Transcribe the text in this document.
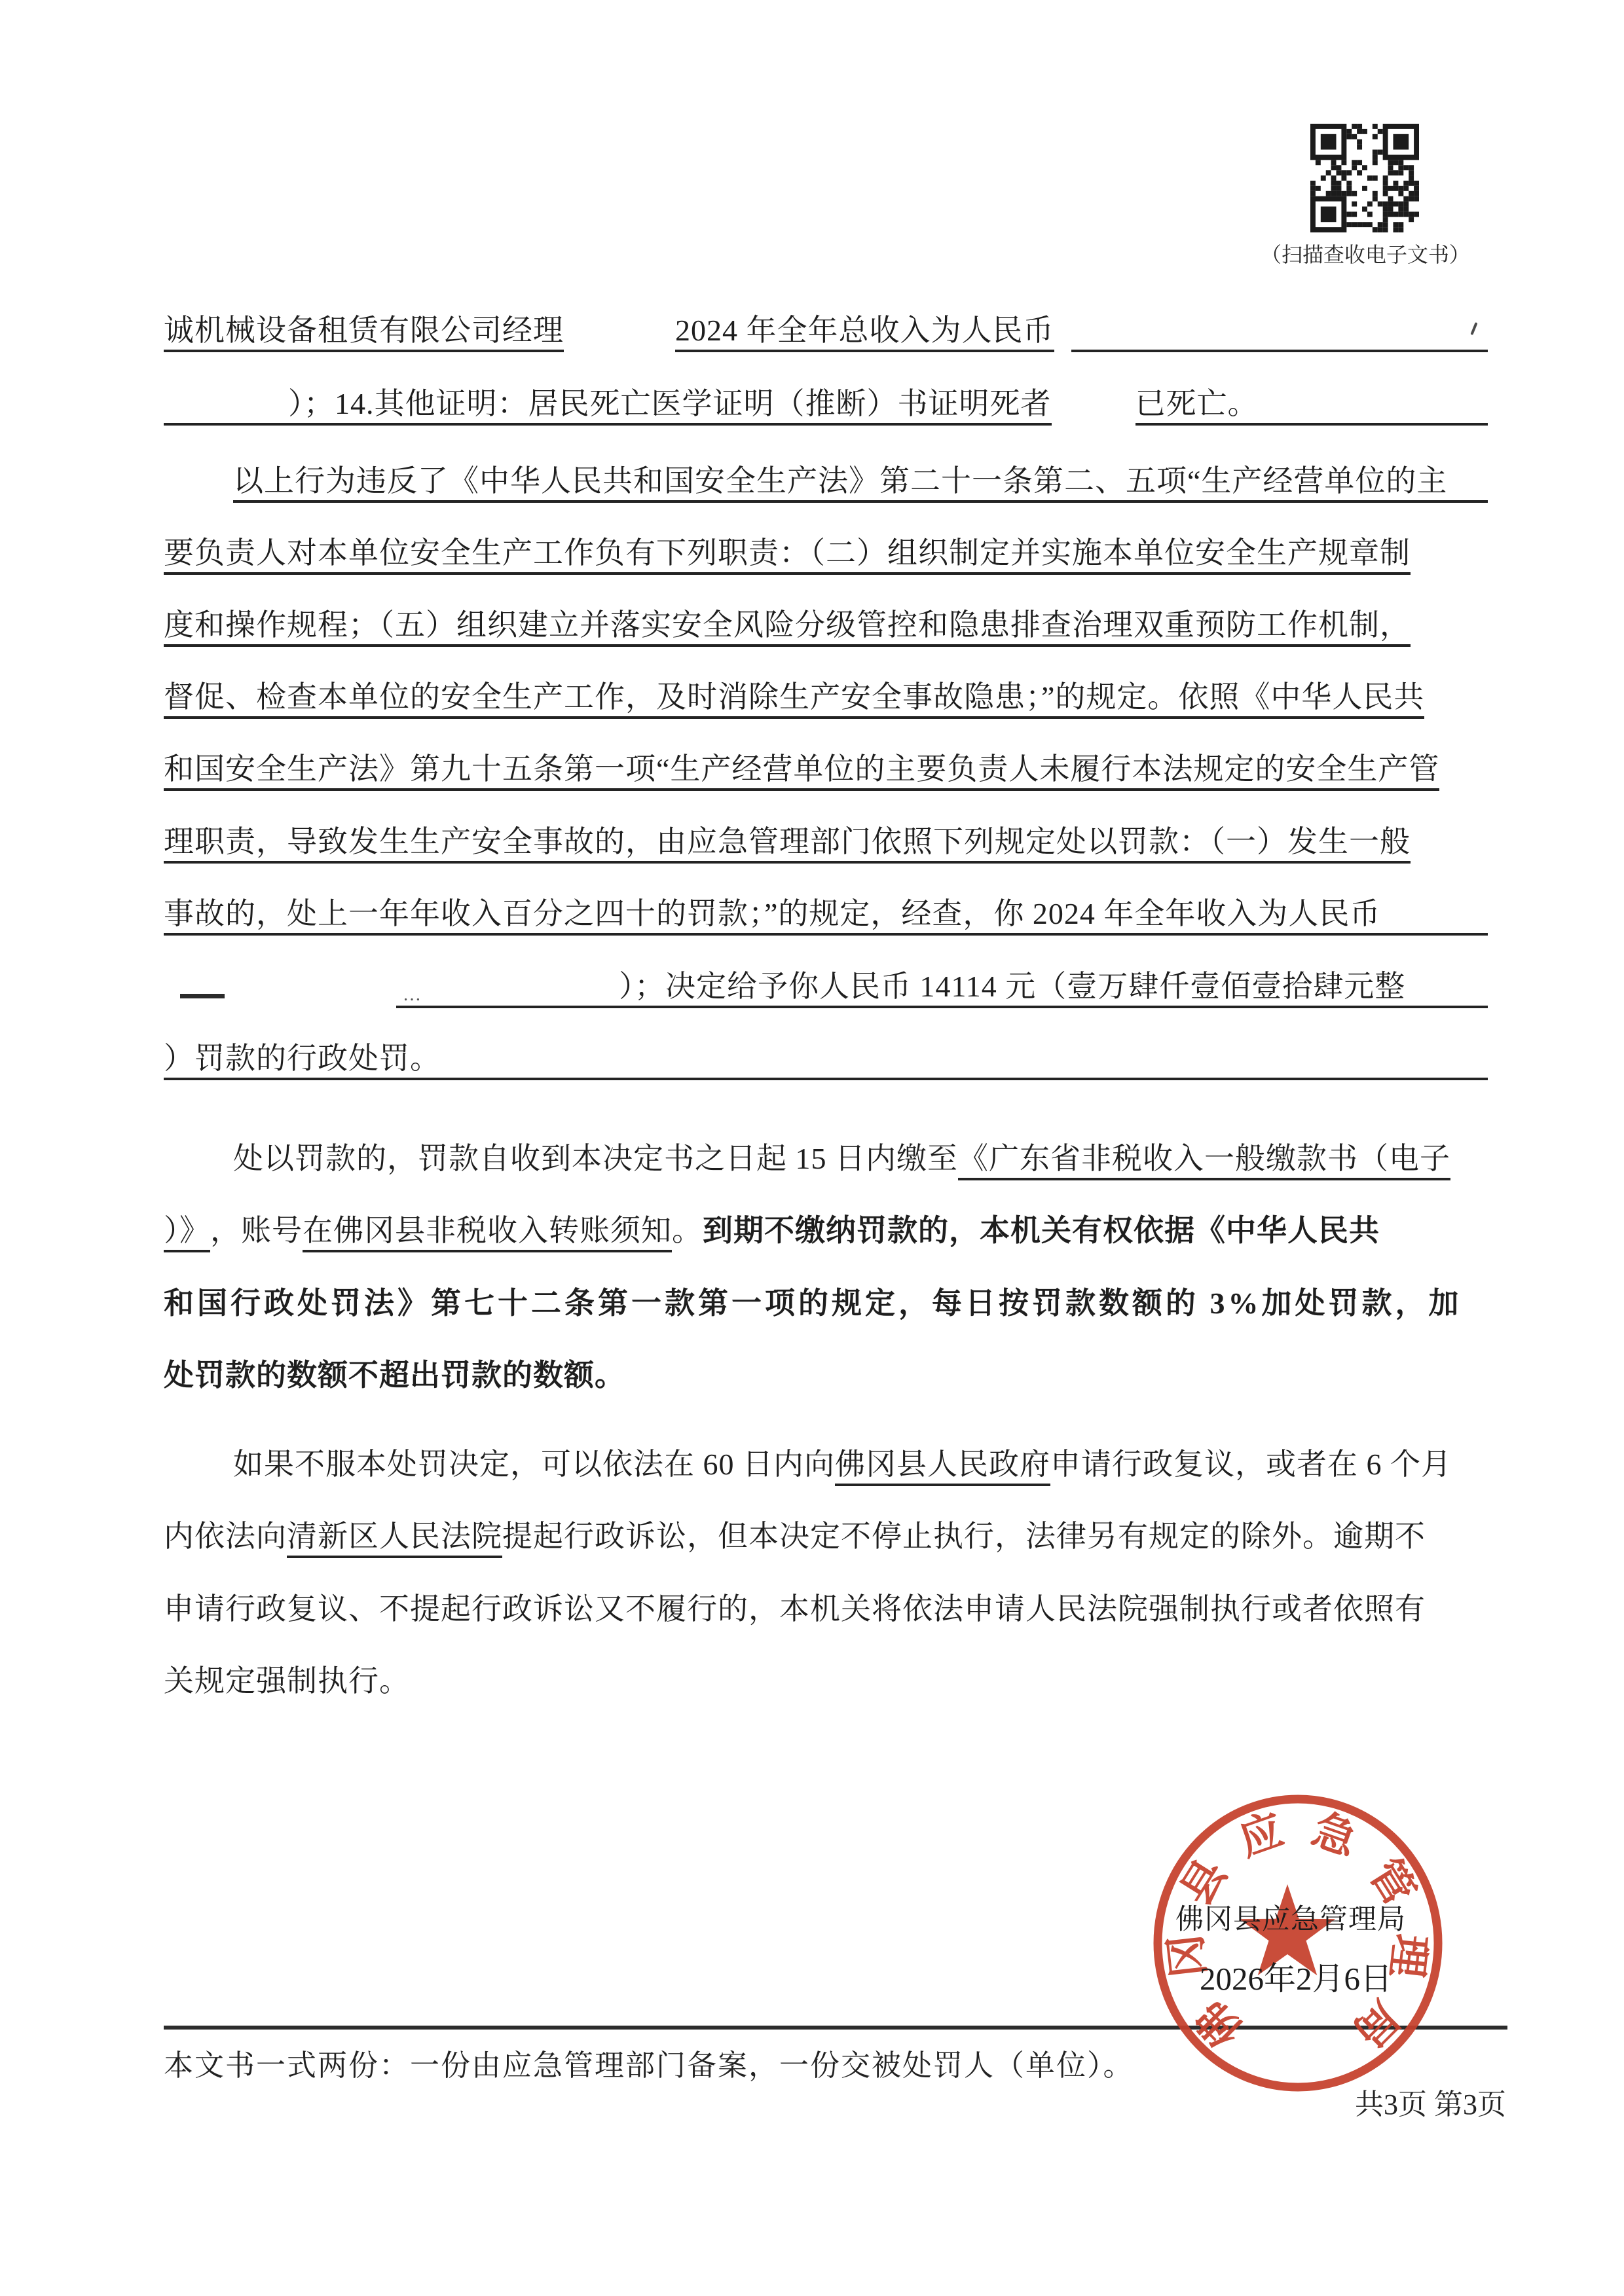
（扫描查收电子文书）
诚机械设备租赁有限公司经理	2024 年全年总收入为人民币
）；14.其他证明：居民死亡医学证明（推断）书证明死者	已死亡。
以上行为违反了《中华人民共和国安全生产法》第二十一条第二、五项“生产经营单位的主
要负责人对本单位安全生产工作负有下列职责：（二）组织制定并实施本单位安全生产规章制
度和操作规程；（五）组织建立并落实安全风险分级管控和隐患排查治理双重预防工作机制，
督促、检查本单位的安全生产工作，及时消除生产安全事故隐患；”的规定。依照《中华人民共
和国安全生产法》第九十五条第一项“生产经营单位的主要负责人未履行本法规定的安全生产管
理职责，导致发生生产安全事故的，由应急管理部门依照下列规定处以罚款：（一）发生一般
事故的，处上一年年收入百分之四十的罚款；”的规定，经查，你 2024 年全年收入为人民币
…	）；决定给予你人民币 14114 元（壹万肆仟壹佰壹拾肆元整
）罚款的行政处罚。
处以罚款的，罚款自收到本决定书之日起 15 日内缴至 《广东省非税收入一般缴款书（电子
）》 ，账号 在佛冈县非税收入转账须知 。 到期不缴纳罚款的，本机关有权依据《中华人民共
和国行政处罚法》第七十二条第一款第一项的规定，每日按罚款数额的 3%加处罚款，加
处罚款的数额不超出罚款的数额。
如果不服本处罚决定，可以依法在 60 日内向 佛冈县人民政府 申请行政复议，或者在 6 个月
内依法向 清新区人民法院 提起行政诉讼，但本决定不停止执行，法律另有规定的除外。逾期不
申请行政复议、不提起行政诉讼又不履行的，本机关将依法申请人民法院强制执行或者依照有
关规定强制执行。
本文书一式两份：一份由应急管理部门备案，一份交被处罚人（单位）。
共3页 第3页
佛
冈
县
应 急
管
理
局
佛冈县应急管理局
2026年2月6日
